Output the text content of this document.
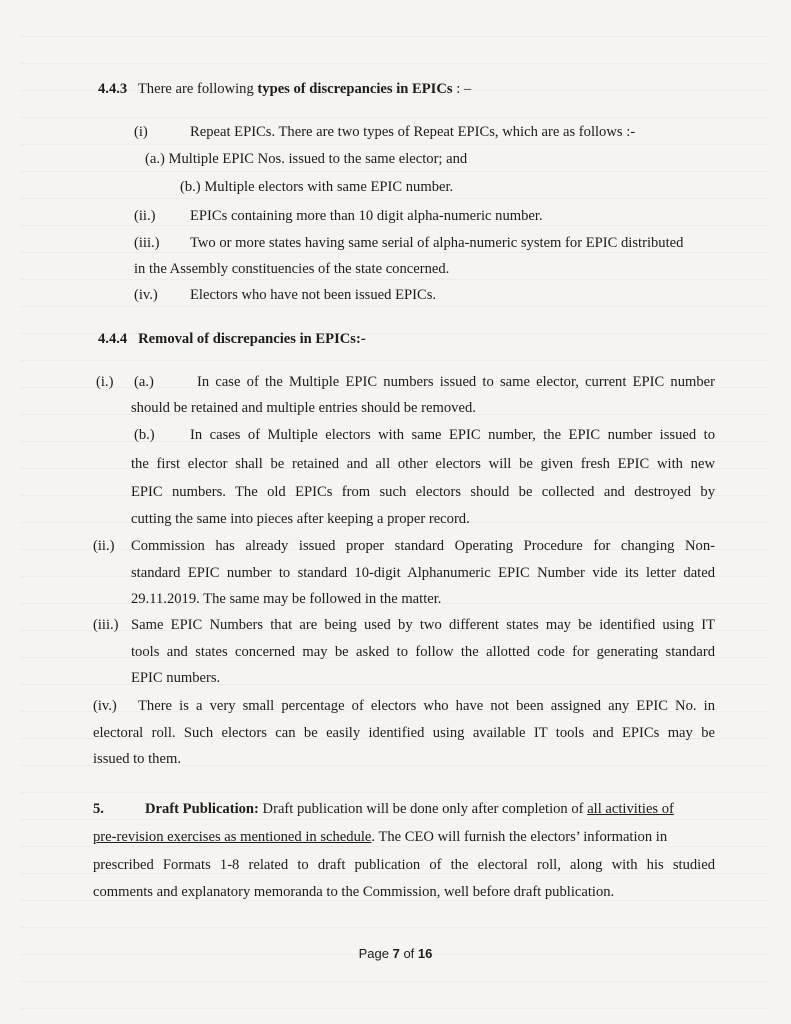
4.4.3 There are following types of discrepancies in EPICs : –
(i)	Repeat EPICs. There are two types of Repeat EPICs, which are as follows :-
(a.) Multiple EPIC Nos. issued to the same elector; and
(b.) Multiple electors with same EPIC number.
(ii.) EPICs containing more than 10 digit alpha-numeric number.
(iii.) Two or more states having same serial of alpha-numeric system for EPIC distributed
in the Assembly constituencies of the state concerned.
(iv.) Electors who have not been issued EPICs.
4.4.4 Removal of discrepancies in EPICs:-
(i.) (a.)	In case of the Multiple EPIC numbers issued to same elector, current EPIC number
should be retained and multiple entries should be removed.
(b.) In cases of Multiple electors with same EPIC number, the EPIC number issued to
the first elector shall be retained and all other electors will be given fresh EPIC with new
EPIC numbers. The old EPICs from such electors should be collected and destroyed by
cutting the same into pieces after keeping a proper record.
(ii.) Commission has already issued proper standard Operating Procedure for changing Non-
standard EPIC number to standard 10-digit Alphanumeric EPIC Number vide its letter dated
29.11.2019. The same may be followed in the matter.
(iii.) Same EPIC Numbers that are being used by two different states may be identified using IT
tools and states concerned may be asked to follow the allotted code for generating standard
EPIC numbers.
(iv.) There is a very small percentage of electors who have not been assigned any EPIC No. in
electoral roll. Such electors can be easily identified using available IT tools and EPICs may be
issued to them.
5.	Draft Publication: Draft publication will be done only after completion of all activities of
pre-revision exercises as mentioned in schedule. The CEO will furnish the electors’ information in
prescribed Formats 1-8 related to draft publication of the electoral roll, along with his studied
comments and explanatory memoranda to the Commission, well before draft publication.
Page 7 of 16
